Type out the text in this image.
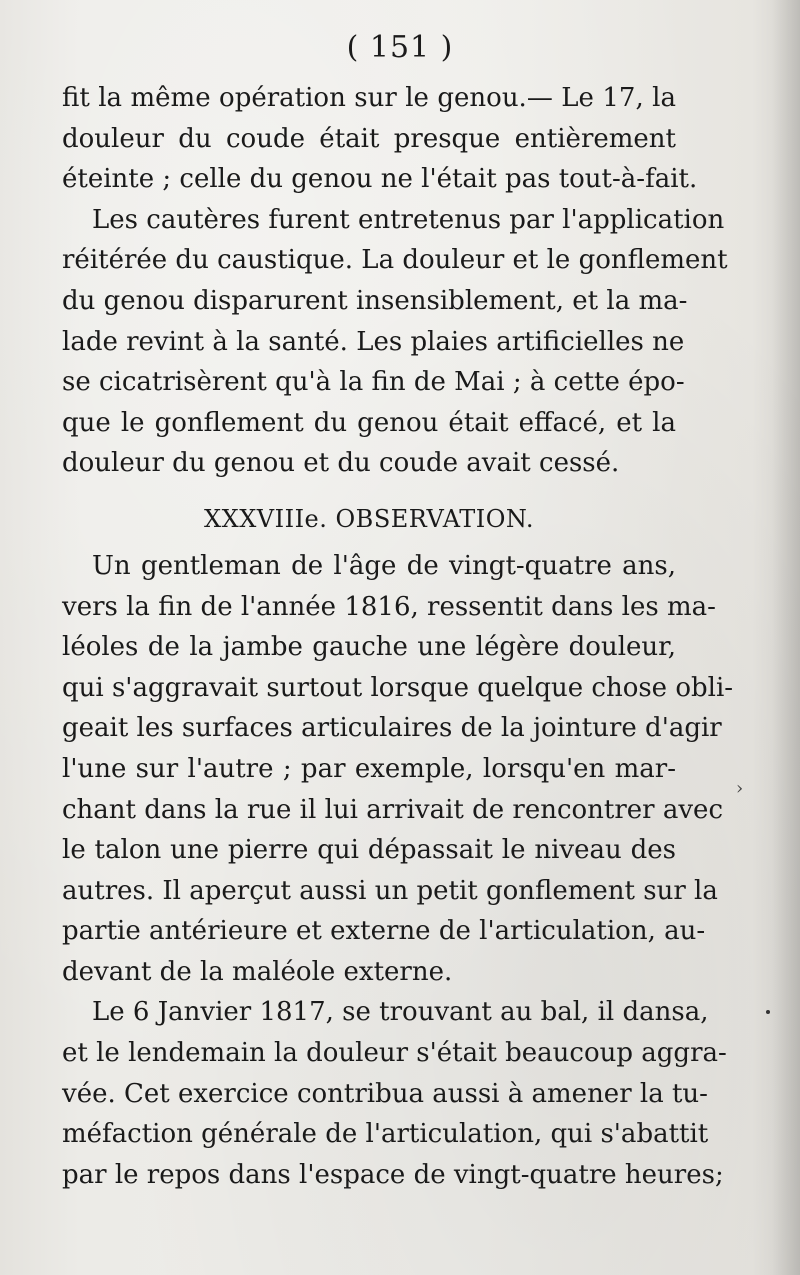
( 151 )
fit la même opération sur le genou.— Le 17, la
douleur du coude était presque entièrement
éteinte ; celle du genou ne l'était pas tout-à-fait.
Les cautères furent entretenus par l'application
réitérée du caustique. La douleur et le gonflement
du genou disparurent insensiblement, et la ma-
lade revint à la santé. Les plaies artificielles ne
se cicatrisèrent qu'à la fin de Mai ; à cette épo-
que le gonflement du genou était effacé, et la
douleur du genou et du coude avait cessé.
XXXVIIIe. OBSERVATION.
Un gentleman de l'âge de vingt-quatre ans,
vers la fin de l'année 1816, ressentit dans les ma-
léoles de la jambe gauche une légère douleur,
qui s'aggravait surtout lorsque quelque chose obli-
geait les surfaces articulaires de la jointure d'agir
l'une sur l'autre ; par exemple, lorsqu'en mar-
chant dans la rue il lui arrivait de rencontrer avec
le talon une pierre qui dépassait le niveau des
autres. Il aperçut aussi un petit gonflement sur la
partie antérieure et externe de l'articulation, au-
devant de la maléole externe.
Le 6 Janvier 1817, se trouvant au bal, il dansa,
et le lendemain la douleur s'était beaucoup aggra-
vée. Cet exercice contribua aussi à amener la tu-
méfaction générale de l'articulation, qui s'abattit
par le repos dans l'espace de vingt-quatre heures;
›
